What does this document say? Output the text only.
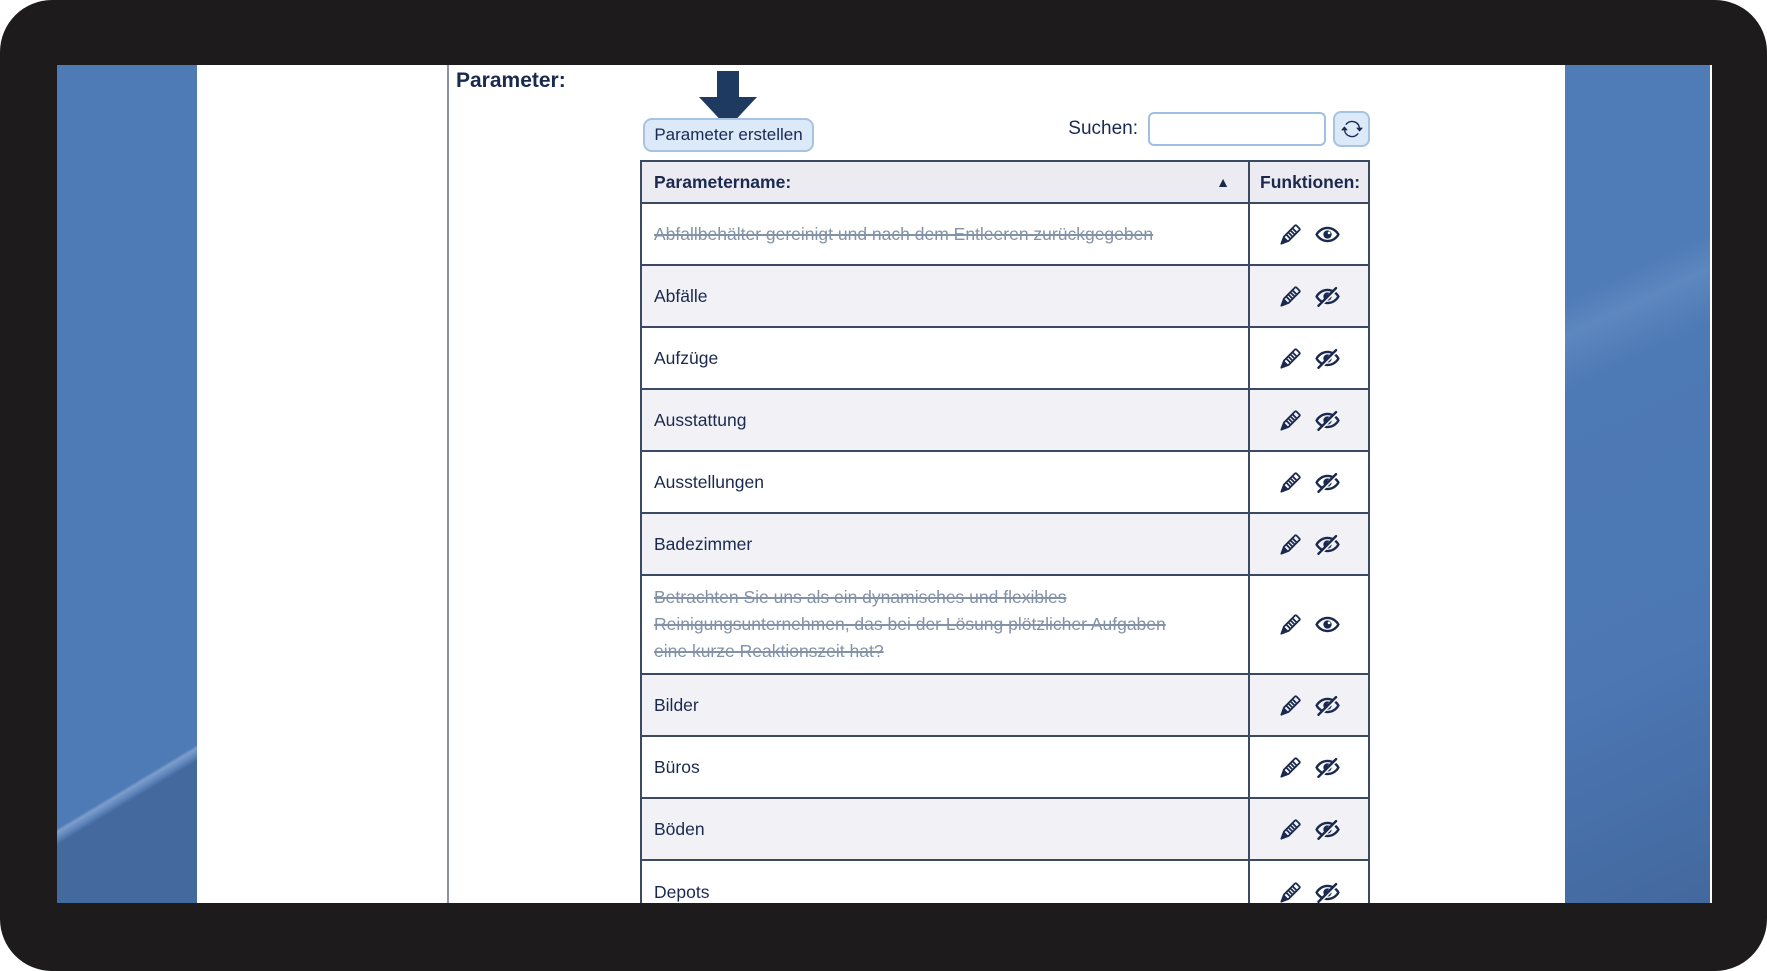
Parameter:
Parameter erstellen	Suchen:
Parametername:	▲	Funktionen:
Abfallbehälter gereinigt und nach dem Entleeren zurückgegeben
Abfälle
Aufzüge
Ausstattung
Ausstellungen
Badezimmer
Betrachten Sie uns als ein dynamisches und flexibles Reinigungsunternehmen, das bei der Lösung plötzlicher Aufgaben eine kurze Reaktionszeit hat?
Bilder
Büros
Böden
Depots
